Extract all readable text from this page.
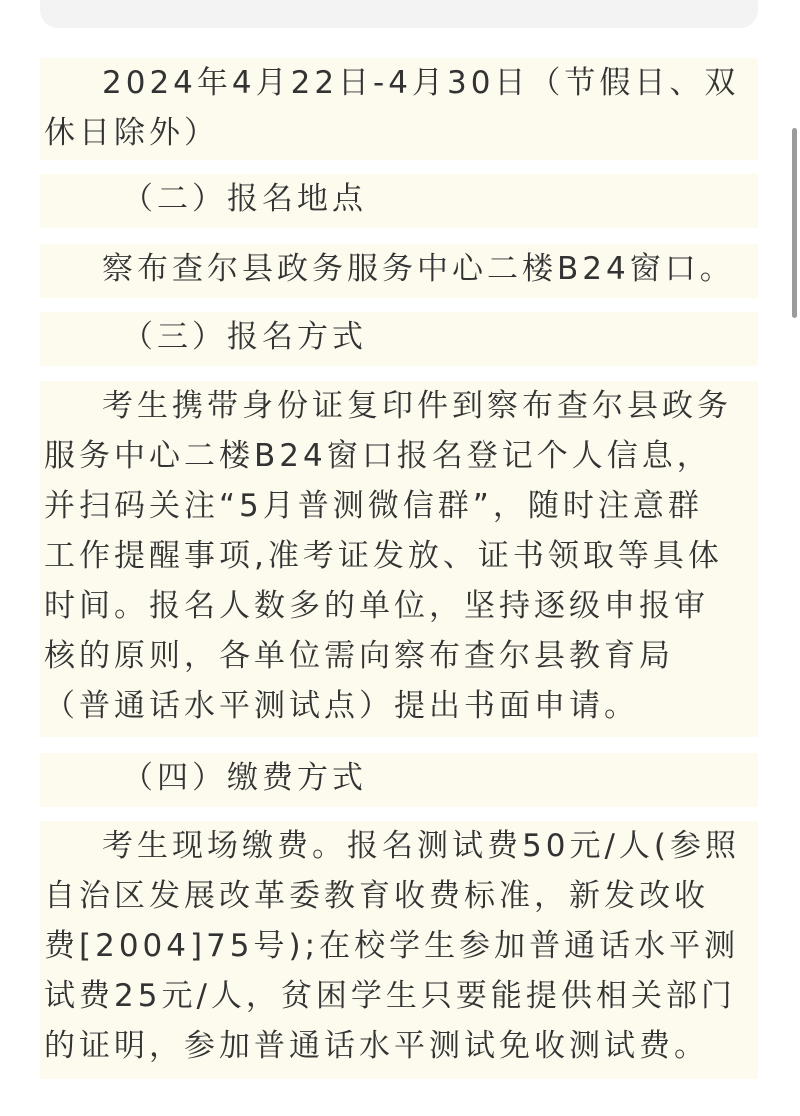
2024年4月22日-4月30日（节假日、双
休日除外）
（二）报名地点
察布查尔县政务服务中心二楼B24窗口。
（三）报名方式
考生携带身份证复印件到察布查尔县政务
服务中心二楼B24窗口报名登记个人信息，
并扫码关注“5月普测微信群”，随时注意群
工作提醒事项,准考证发放、证书领取等具体
时间。报名人数多的单位，坚持逐级申报审
核的原则，各单位需向察布查尔县教育局
（普通话水平测试点）提出书面申请。
（四）缴费方式
考生现场缴费。报名测试费50元/人(参照
自治区发展改革委教育收费标准，新发改收
费[2004]75号);在校学生参加普通话水平测
试费25元/人，贫困学生只要能提供相关部门
的证明，参加普通话水平测试免收测试费。
